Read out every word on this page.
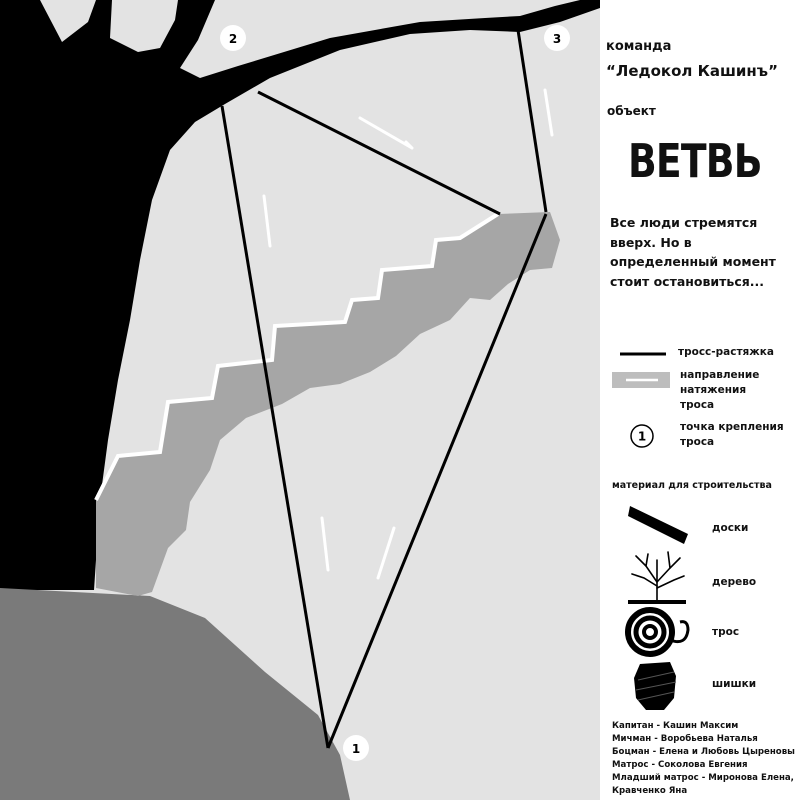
2	3
1

команда

“Ледокол Кашинъ”

объект

ВЕТВЬ

Все люди стремятся
вверх. Но в
определенный момент
стоит остановиться...
тросс-растяжка
направление
натяжения
троса
1
точка крепления
троса

материал для строительства

доски
дерево
трос
шишки
Капитан - Кашин Максим
Мичман - Воробьева Наталья
Боцман - Елена и Любовь Цыреновы
Матрос - Соколова Евгения
Младший матрос - Миронова Елена,
Кравченко Яна
